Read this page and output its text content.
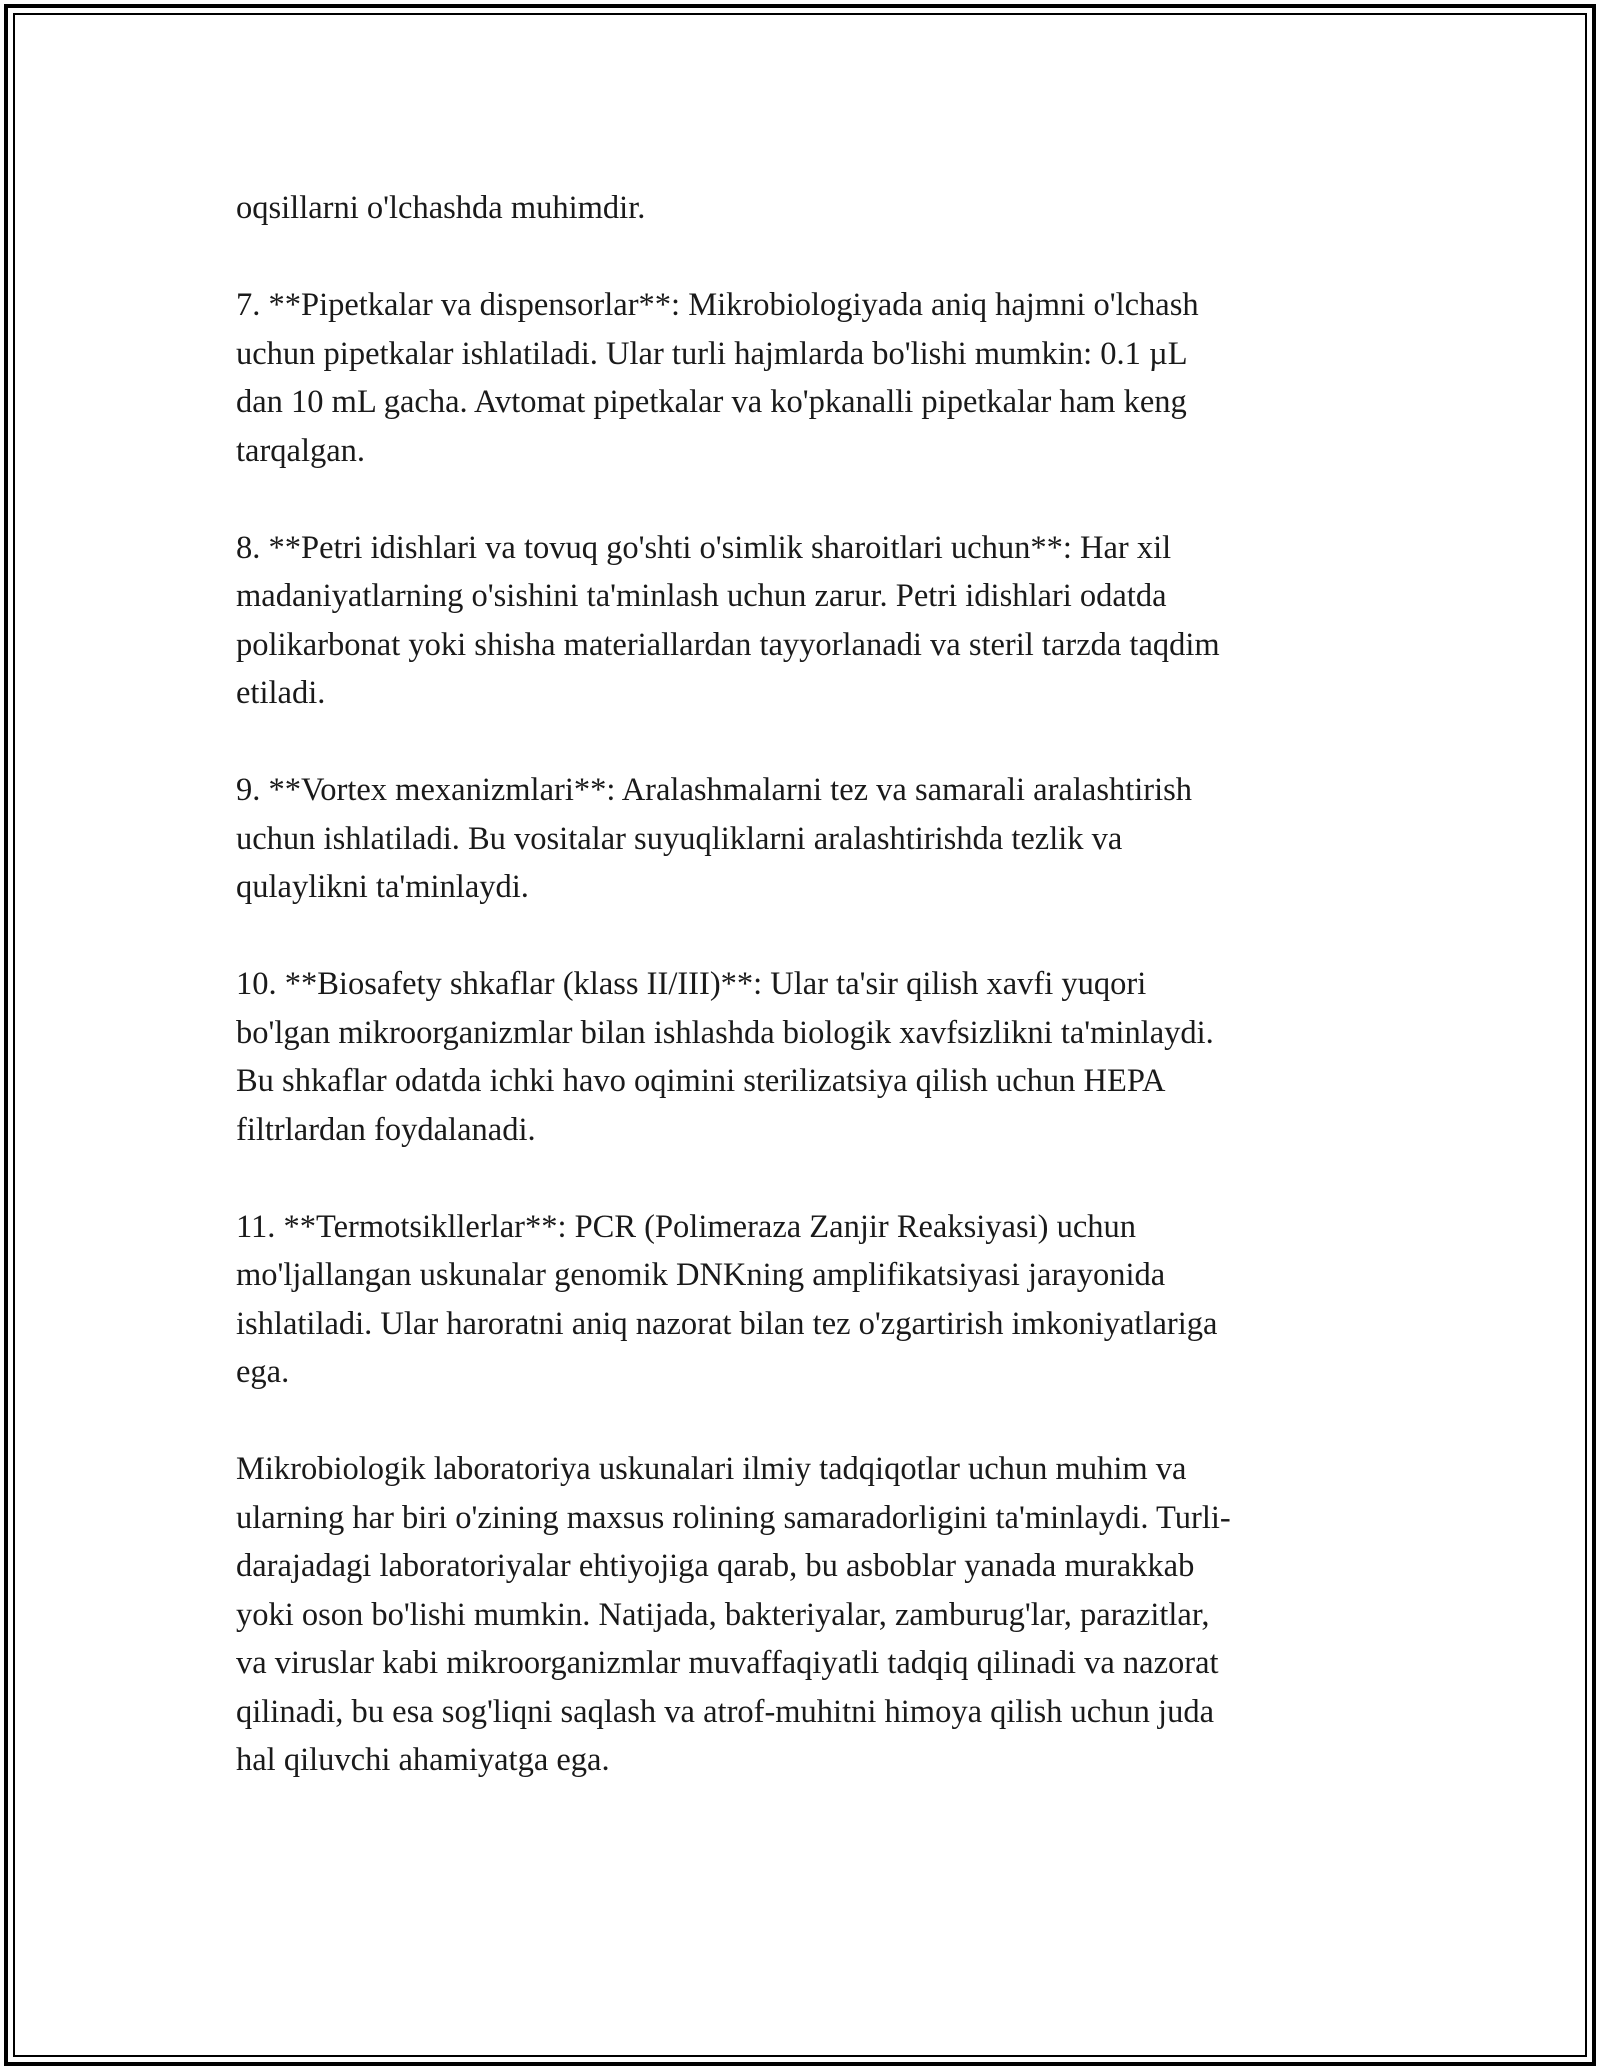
oqsillarni o'lchashda muhimdir.

7. **Pipetkalar va dispensorlar**: Mikrobiologiyada aniq hajmni o'lchash
uchun pipetkalar ishlatiladi. Ular turli hajmlarda bo'lishi mumkin: 0.1 µL
dan 10 mL gacha. Avtomat pipetkalar va ko'pkanalli pipetkalar ham keng
tarqalgan.

8. **Petri idishlari va tovuq go'shti o'simlik sharoitlari uchun**: Har xil
madaniyatlarning o'sishini ta'minlash uchun zarur. Petri idishlari odatda
polikarbonat yoki shisha materiallardan tayyorlanadi va steril tarzda taqdim
etiladi.

9. **Vortex mexanizmlari**: Aralashmalarni tez va samarali aralashtirish
uchun ishlatiladi. Bu vositalar suyuqliklarni aralashtirishda tezlik va
qulaylikni ta'minlaydi.

10. **Biosafety shkaflar (klass II/III)**: Ular ta'sir qilish xavfi yuqori
bo'lgan mikroorganizmlar bilan ishlashda biologik xavfsizlikni ta'minlaydi.
Bu shkaflar odatda ichki havo oqimini sterilizatsiya qilish uchun HEPA
filtrlardan foydalanadi.

11. **Termotsikllerlar**: PCR (Polimeraza Zanjir Reaksiyasi) uchun
mo'ljallangan uskunalar genomik DNKning amplifikatsiyasi jarayonida
ishlatiladi. Ular haroratni aniq nazorat bilan tez o'zgartirish imkoniyatlariga
ega.

Mikrobiologik laboratoriya uskunalari ilmiy tadqiqotlar uchun muhim va
ularning har biri o'zining maxsus rolining samaradorligini ta'minlaydi. Turli-
darajadagi laboratoriyalar ehtiyojiga qarab, bu asboblar yanada murakkab
yoki oson bo'lishi mumkin. Natijada, bakteriyalar, zamburug'lar, parazitlar,
va viruslar kabi mikroorganizmlar muvaffaqiyatli tadqiq qilinadi va nazorat
qilinadi, bu esa sog'liqni saqlash va atrof-muhitni himoya qilish uchun juda
hal qiluvchi ahamiyatga ega.
